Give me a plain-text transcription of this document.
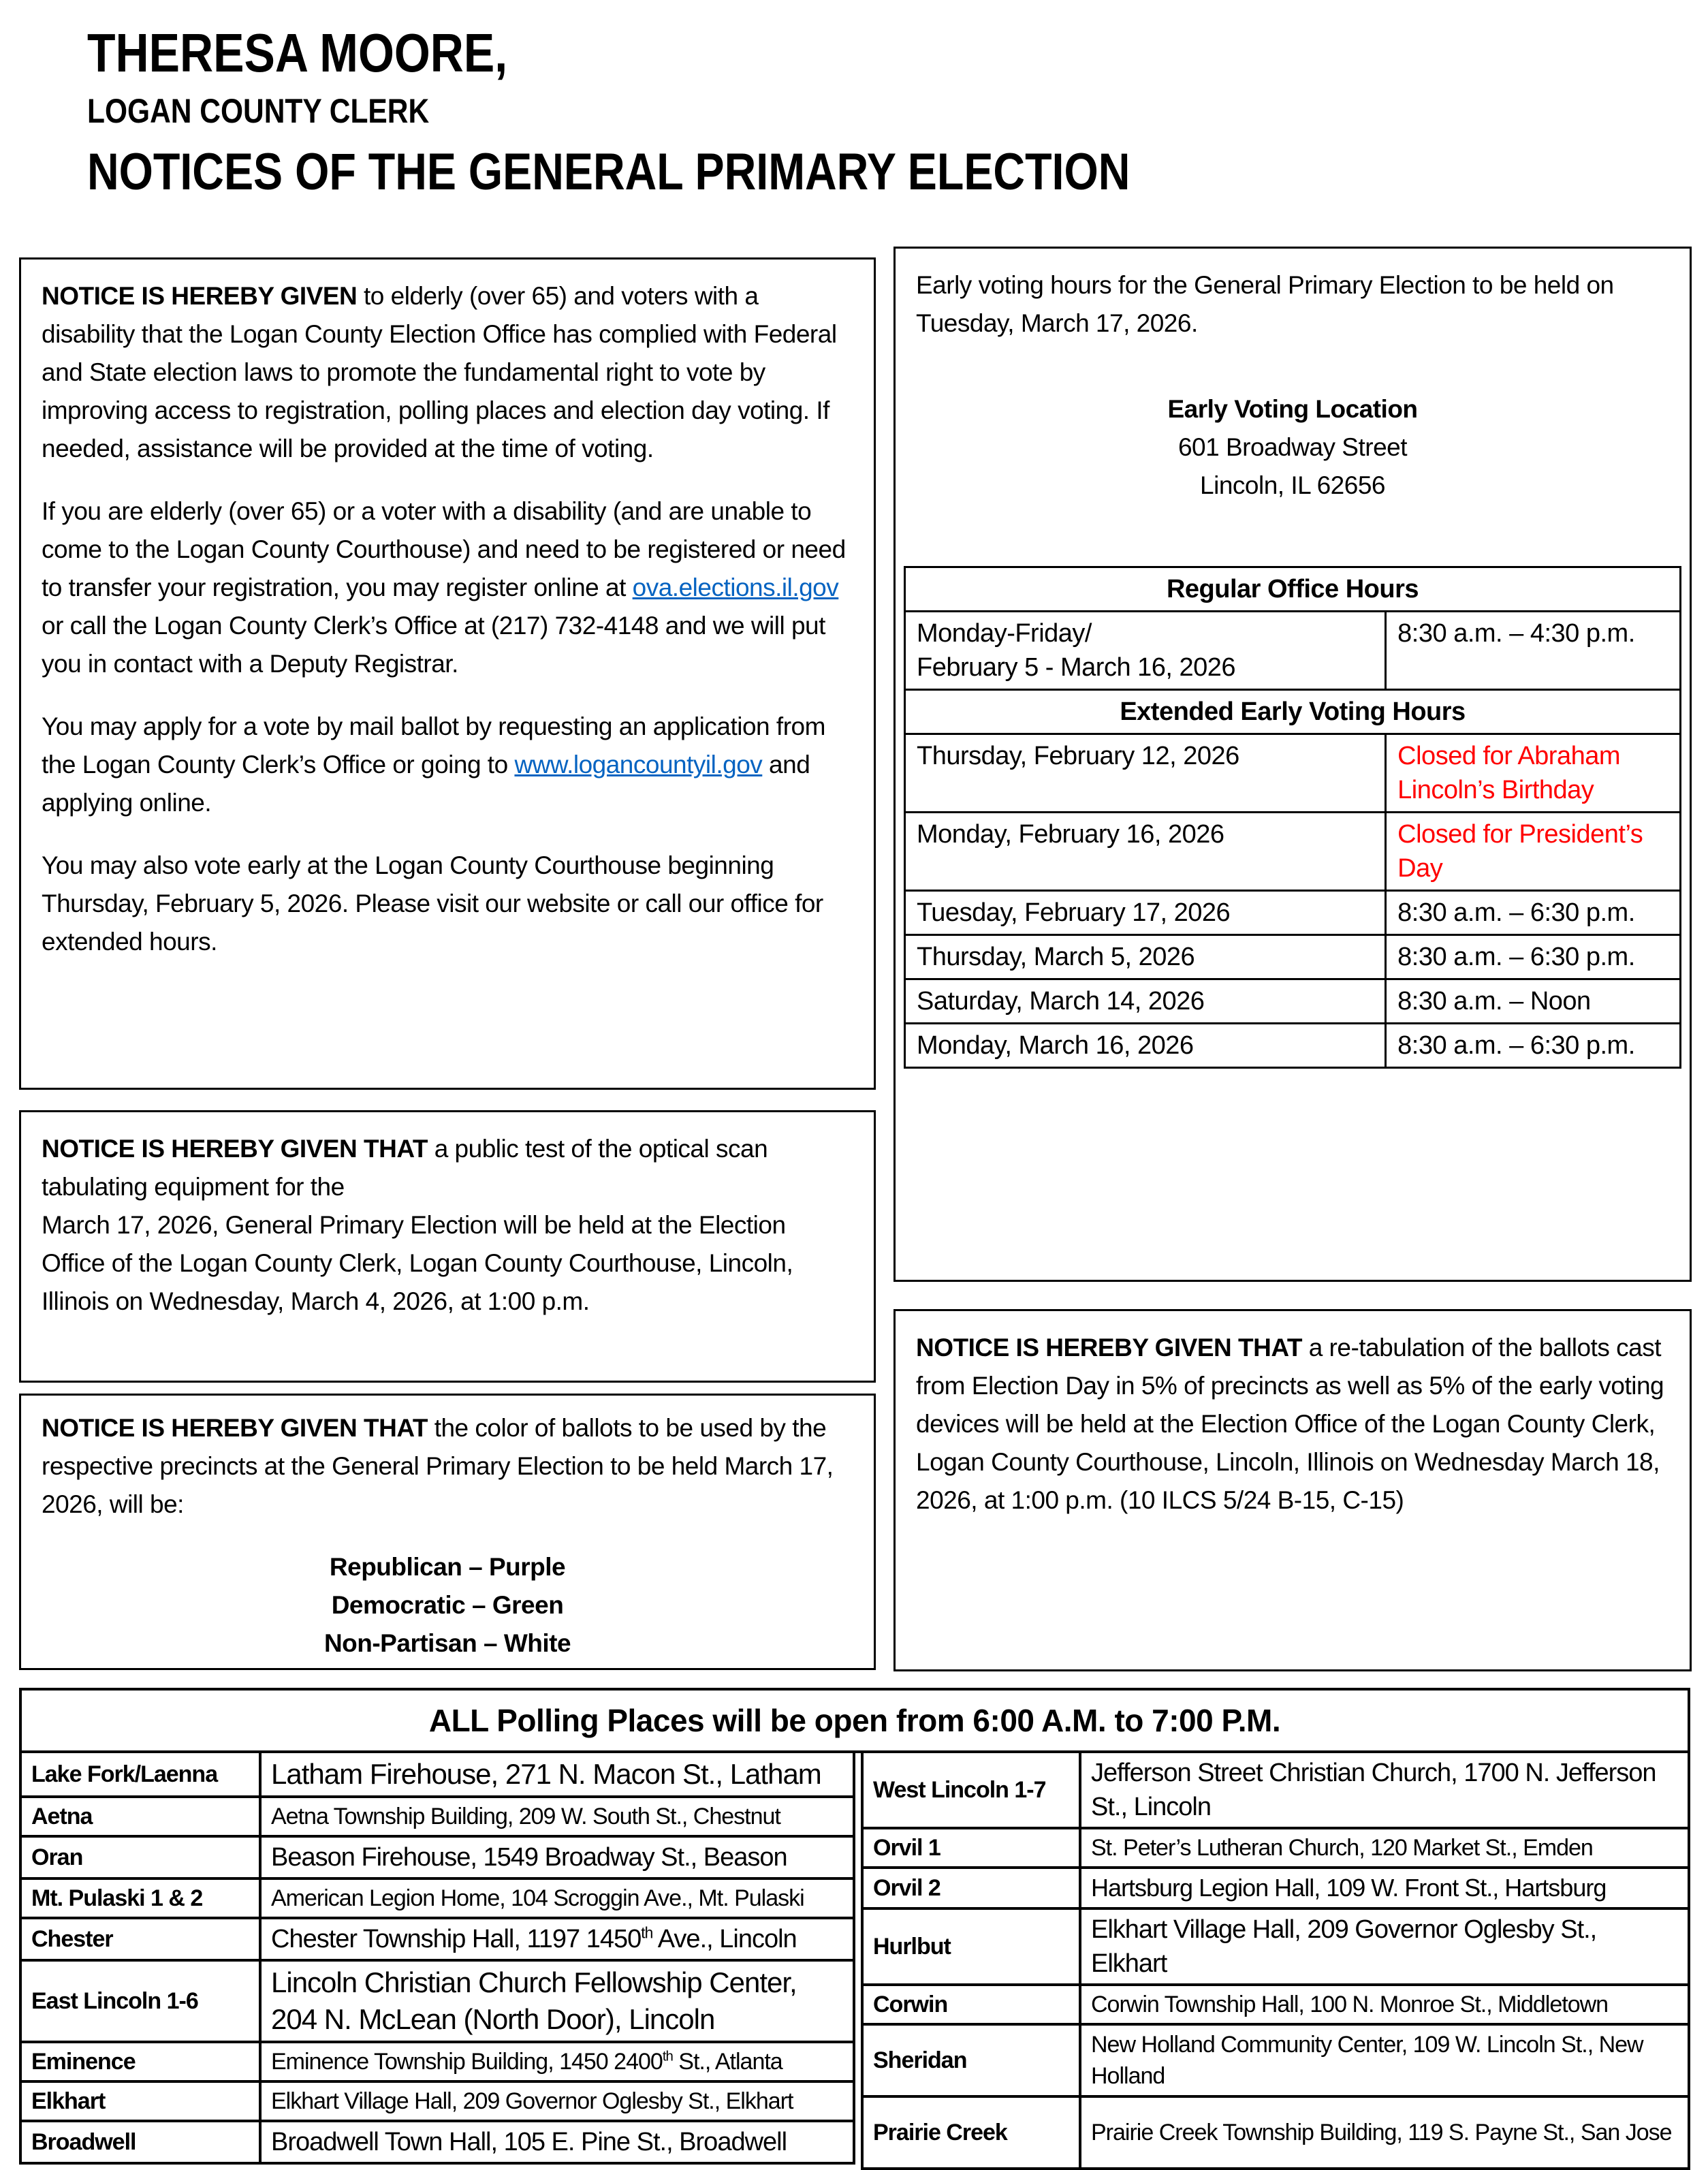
THERESA MOORE,
LOGAN COUNTY CLERK
NOTICES OF THE GENERAL PRIMARY ELECTION

NOTICE IS HEREBY GIVEN to elderly (over 65) and voters with a disability that the Logan County Election Office has complied with Federal and State election laws to promote the fundamental right to vote by improving access to registration, polling places and election day voting. If needed, assistance will be provided at the time of voting.

If you are elderly (over 65) or a voter with a disability (and are unable to come to the Logan County Courthouse) and need to be registered or need to transfer your registration, you may register online at ova.elections.il.gov or call the Logan County Clerk’s Office at (217) 732-4148 and we will put you in contact with a Deputy Registrar.

You may apply for a vote by mail ballot by requesting an application from the Logan County Clerk’s Office or going to www.logancountyil.gov and applying online.

You may also vote early at the Logan County Courthouse beginning Thursday, February 5, 2026. Please visit our website or call our office for extended hours.

NOTICE IS HEREBY GIVEN THAT a public test of the optical scan tabulating equipment for the
March 17, 2026, General Primary Election will be held at the Election Office of the Logan County Clerk, Logan County Courthouse, Lincoln, Illinois on Wednesday, March 4, 2026, at 1:00 p.m.

NOTICE IS HEREBY GIVEN THAT the color of ballots to be used by the respective precincts at the General Primary Election to be held March 17, 2026, will be:

Republican – Purple
Democratic – Green
Non-Partisan – White

Early voting hours for the General Primary Election to be held on Tuesday, March 17, 2026.

Early Voting Location
601 Broadway Street
Lincoln, IL 62656
Regular Office Hours	
Monday-Friday/
February 5 - March 16, 2026	8:30 a.m. – 4:30 p.m.
Extended Early Voting Hours	
Thursday, February 12, 2026	Closed for Abraham Lincoln’s Birthday
Monday, February 16, 2026	Closed for President’s Day
Tuesday, February 17, 2026	8:30 a.m. – 6:30 p.m.
Thursday, March 5, 2026	8:30 a.m. – 6:30 p.m.
Saturday, March 14, 2026	8:30 a.m. – Noon
Monday, March 16, 2026	8:30 a.m. – 6:30 p.m.

NOTICE IS HEREBY GIVEN THAT a re-tabulation of the ballots cast from Election Day in 5% of precincts as well as 5% of the early voting devices will be held at the Election Office of the Logan County Clerk, Logan County Courthouse, Lincoln, Illinois on Wednesday March 18, 2026, at 1:00 p.m. (10 ILCS 5/24 B-15, C-15)

ALL Polling Places will be open from 6:00 A.M. to 7:00 P.M.
Lake Fork/Laenna	Latham Firehouse, 271 N. Macon St., Latham
Aetna	Aetna Township Building, 209 W. South St., Chestnut
Oran	Beason Firehouse, 1549 Broadway St., Beason
Mt. Pulaski 1 & 2	American Legion Home, 104 Scroggin Ave., Mt. Pulaski
Chester	Chester Township Hall, 1197 1450th Ave., Lincoln
East Lincoln 1-6	Lincoln Christian Church Fellowship Center, 204 N. McLean (North Door), Lincoln
Eminence	Eminence Township Building, 1450 2400th St., Atlanta
Elkhart	Elkhart Village Hall, 209 Governor Oglesby St., Elkhart
Broadwell	Broadwell Town Hall, 105 E. Pine St., Broadwell
West Lincoln 1-7	Jefferson Street Christian Church, 1700 N. Jefferson St., Lincoln
Orvil 1	St. Peter’s Lutheran Church, 120 Market St., Emden
Orvil 2	Hartsburg Legion Hall, 109 W. Front St., Hartsburg
Hurlbut	Elkhart Village Hall, 209 Governor Oglesby St., Elkhart
Corwin	Corwin Township Hall, 100 N. Monroe St., Middletown
Sheridan	New Holland Community Center, 109 W. Lincoln St., New Holland
Prairie Creek	Prairie Creek Township Building, 119 S. Payne St., San Jose
